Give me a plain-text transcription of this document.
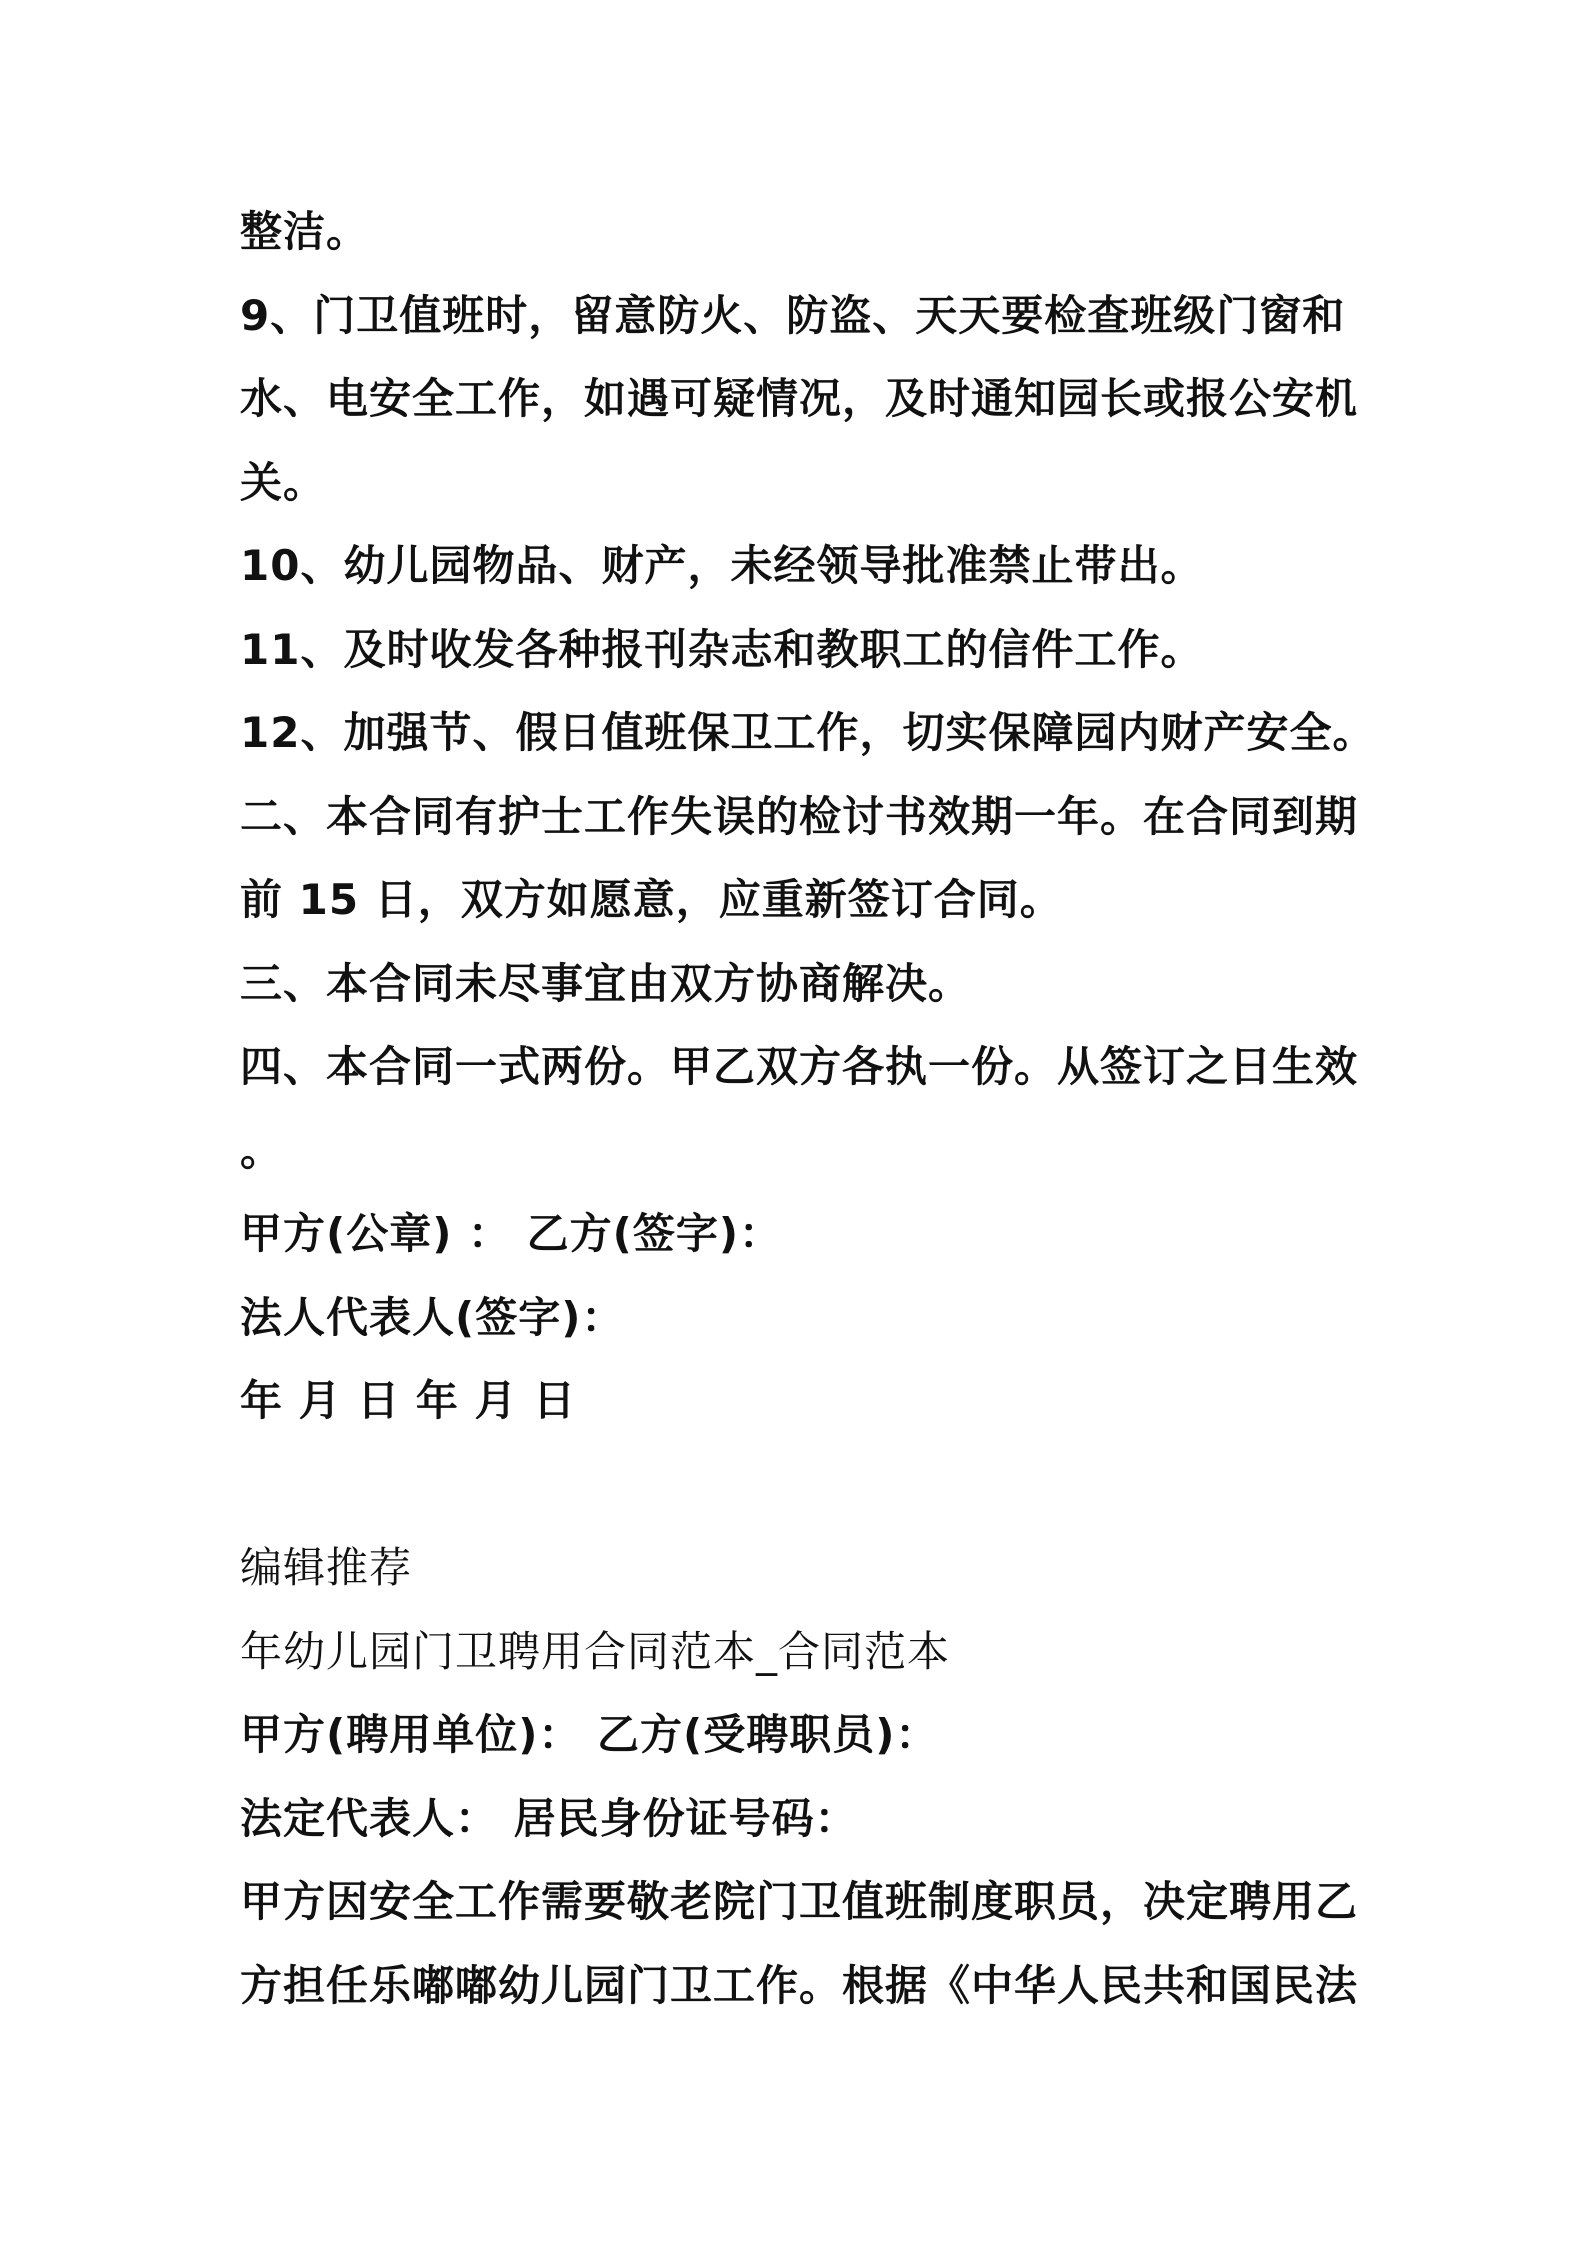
整洁。
9、门卫值班时，留意防火、防盗、天天要检查班级门窗和
水、电安全工作，如遇可疑情况，及时通知园长或报公安机
关。
10、幼儿园物品、财产，未经领导批准禁止带出。
11、及时收发各种报刊杂志和教职工的信件工作。
12、加强节、假日值班保卫工作，切实保障园内财产安全。
二、本合同有护士工作失误的检讨书效期一年。在合同到期
前 15 日，双方如愿意，应重新签订合同。
三、本合同未尽事宜由双方协商解决。
四、本合同一式两份。甲乙双方各执一份。从签订之日生效
。
甲方(公章) ： 乙方(签字)：
法人代表人(签字)：
年 月 日 年 月 日
编辑推荐
年幼儿园门卫聘用合同范本_合同范本
甲方(聘用单位)： 乙方(受聘职员)：
法定代表人： 居民身份证号码：
甲方因安全工作需要敬老院门卫值班制度职员，决定聘用乙
方担任乐嘟嘟幼儿园门卫工作。根据《中华人民共和国民法
